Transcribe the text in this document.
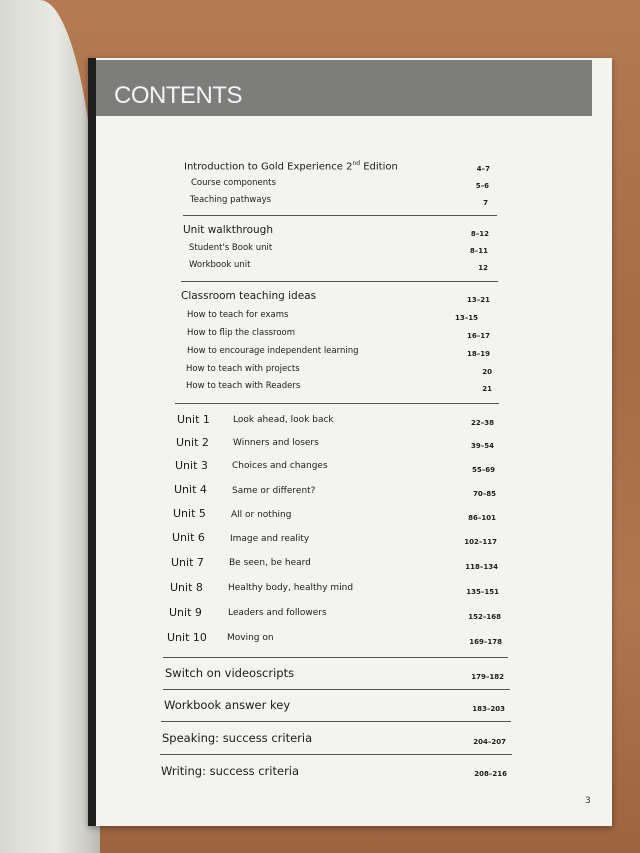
CONTENTS
Introduction to Gold Experience 2nd Edition	4–7
Course components	5–6
Teaching pathways	7
Unit walkthrough	8–12
Student's Book unit	8–11
Workbook unit	12
Classroom teaching ideas	13–21
How to teach for exams	13–15
How to flip the classroom	16–17
How to encourage independent learning	18–19
How to teach with projects	20
How to teach with Readers	21
Unit 1	Look ahead, look back	22–38
Unit 2	Winners and losers	39–54
Unit 3	Choices and changes	55–69
Unit 4	Same or different?	70–85
Unit 5	All or nothing	86–101
Unit 6	Image and reality	102–117
Unit 7	Be seen, be heard	118–134
Unit 8	Healthy body, healthy mind	135–151
Unit 9	Leaders and followers	152–168
Unit 10 Moving on	169–178
Switch on videoscripts	179–182
Workbook answer key	183–203
Speaking: success criteria	204–207
Writing: success criteria	208–216
3
